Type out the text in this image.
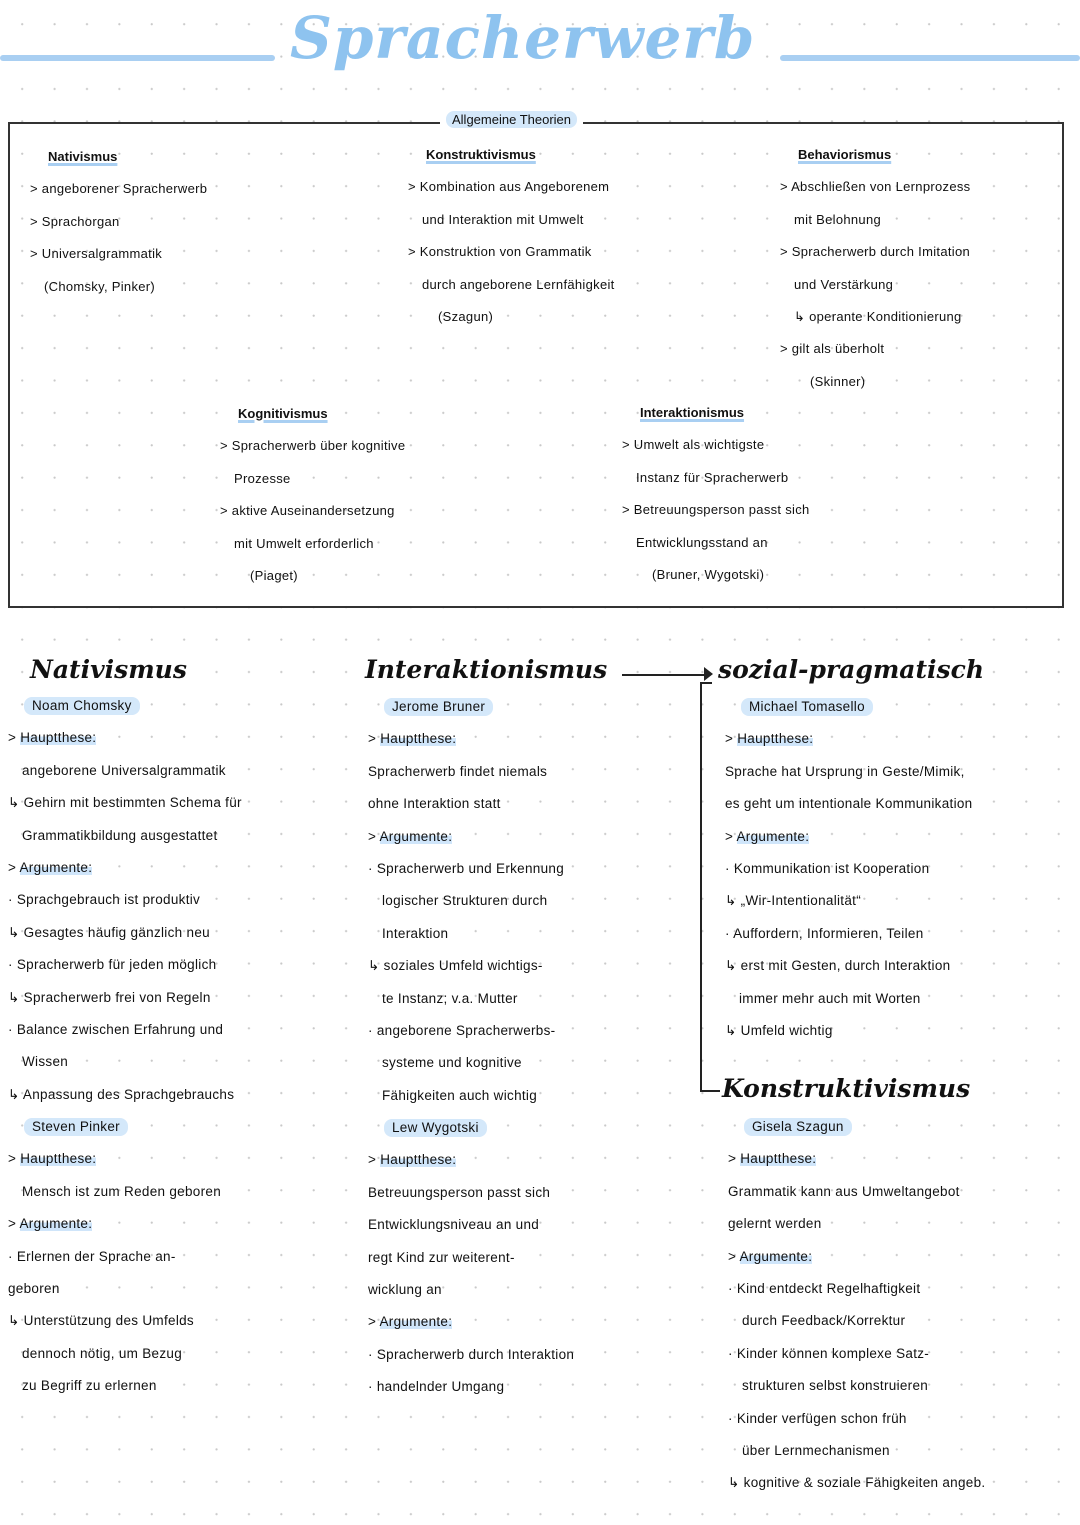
Spracherwerb
Allgemeine Theorien
Nativismus
> angeborener Spracherwerb
> Sprachorgan
> Universalgrammatik
(Chomsky, Pinker)
Konstruktivismus
> Kombination aus Angeborenem
und Interaktion mit Umwelt
> Konstruktion von Grammatik
durch angeborene Lernfähigkeit
(Szagun)
Behaviorismus
> Abschließen von Lernprozess
mit Belohnung
> Spracherwerb durch Imitation
und Verstärkung
↳ operante Konditionierung
> gilt als überholt
(Skinner)
Kognitivismus
> Spracherwerb über kognitive
Prozesse
> aktive Auseinandersetzung
mit Umwelt erforderlich
(Piaget)
Interaktionismus
> Umwelt als wichtigste
Instanz für Spracherwerb
> Betreuungsperson passt sich
Entwicklungsstand an
(Bruner, Wygotski)
Nativismus	Interaktionismus	sozial-pragmatisch
Konstruktivismus
Noam Chomsky
> Hauptthese:
angeborene Universalgrammatik
↳ Gehirn mit bestimmten Schema für
Grammatikbildung ausgestattet
> Argumente:
· Sprachgebrauch ist produktiv
↳ Gesagtes häufig gänzlich neu
· Spracherwerb für jeden möglich
↳ Spracherwerb frei von Regeln
· Balance zwischen Erfahrung und
Wissen
↳ Anpassung des Sprachgebrauchs
Steven Pinker
> Hauptthese:
Mensch ist zum Reden geboren
> Argumente:
· Erlernen der Sprache an-
geboren
↳ Unterstützung des Umfelds
dennoch nötig, um Bezug
zu Begriff zu erlernen
Jerome Bruner
> Hauptthese:
Spracherwerb findet niemals
ohne Interaktion statt
> Argumente:
· Spracherwerb und Erkennung
logischer Strukturen durch
Interaktion
↳ soziales Umfeld wichtigs-
te Instanz; v.a. Mutter
· angeborene Spracherwerbs-
systeme und kognitive
Fähigkeiten auch wichtig
Lew Wygotski
> Hauptthese:
Betreuungsperson passt sich
Entwicklungsniveau an und
regt Kind zur weiterent-
wicklung an
> Argumente:
· Spracherwerb durch Interaktion
· handelnder Umgang
Michael Tomasello
> Hauptthese:
Sprache hat Ursprung in Geste/Mimik,
es geht um intentionale Kommunikation
> Argumente:
· Kommunikation ist Kooperation
↳ „Wir-Intentionalität“
· Auffordern, Informieren, Teilen
↳ erst mit Gesten, durch Interaktion
immer mehr auch mit Worten
↳ Umfeld wichtig
Gisela Szagun
> Hauptthese:
Grammatik kann aus Umweltangebot
gelernt werden
> Argumente:
· Kind entdeckt Regelhaftigkeit
durch Feedback/Korrektur
· Kinder können komplexe Satz-
strukturen selbst konstruieren
· Kinder verfügen schon früh
über Lernmechanismen
↳ kognitive & soziale Fähigkeiten angeb.
